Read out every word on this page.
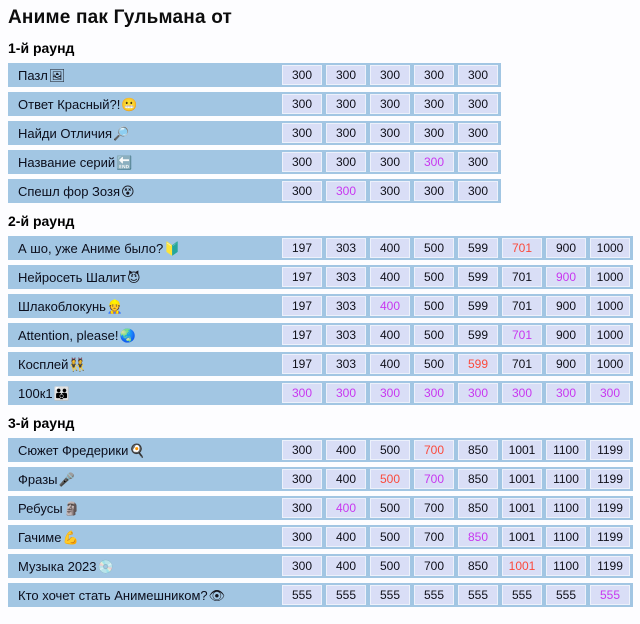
Аниме пак Гульмана от
1-й раунд
Пазл 🖼	300	300	300	300	300
Ответ Красный?! 😬	300	300	300	300	300
Найди Отличия 🔎	300	300	300	300	300
Название серий 🔚	300	300	300	300	300
Спешл фор Зозя 😵	300	300	300	300	300
2-й раунд
А шо, уже Аниме было? 🔰	197	303	400	500	599	701	900	1000
Нейросеть Шалит 😈	197	303	400	500	599	701	900	1000
Шлакоблокунь 👷	197	303	400	500	599	701	900	1000
Attention, please! 🌏	197	303	400	500	599	701	900	1000
Косплей 👯	197	303	400	500	599	701	900	1000
100к1 👪	300	300	300	300	300	300	300	300
3-й раунд
Сюжет Фредерики 🍳	300	400	500	700	850	1001	1100	1199
Фразы 🎤	300	400	500	700	850	1001	1100	1199
Ребусы 🗿	300	400	500	700	850	1001	1100	1199
Гачиме 💪	300	400	500	700	850	1001	1100	1199
Музыка 2023 💿	300	400	500	700	850	1001	1100	1199
Кто хочет стать Анимешником? 👁	555	555	555	555	555	555	555	555
